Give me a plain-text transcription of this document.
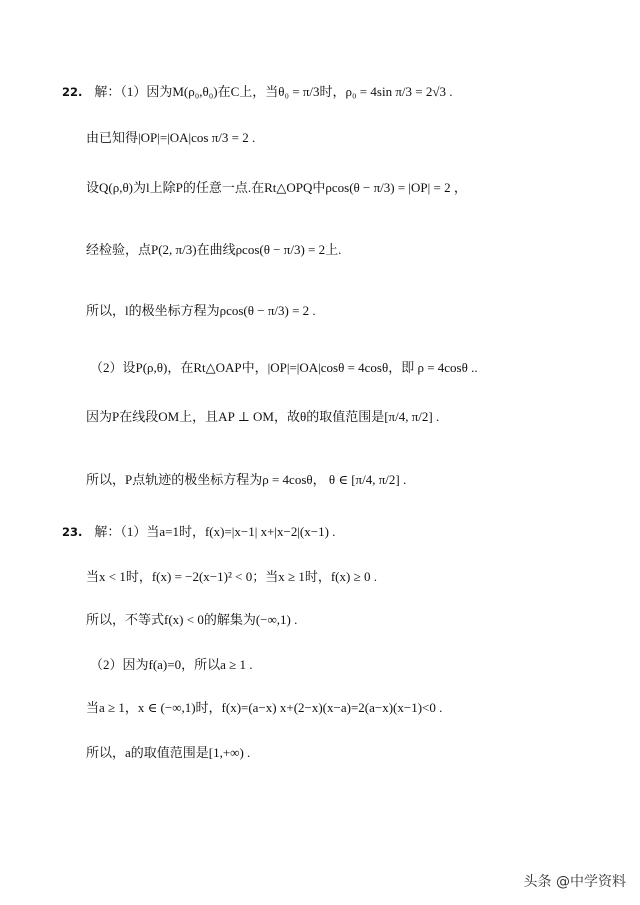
22. 解：（1）因为M(ρ₀,θ₀)在C上，当θ₀ = π/3时，ρ₀ = 4sin π/3 = 2√3 .
由已知得|OP|=|OA|cos π/3 = 2 .
设Q(ρ,θ)为l上除P的任意一点.在Rt△OPQ中ρcos(θ − π/3) = |OP| = 2 ，
经检验，点P(2, π/3)在曲线ρcos(θ − π/3) = 2上.
所以，l的极坐标方程为ρcos(θ − π/3) = 2 .
（2）设P(ρ,θ)，在Rt△OAP中，|OP|=|OA|cosθ = 4cosθ，即 ρ = 4cosθ ..
因为P在线段OM上，且AP ⊥ OM，故θ的取值范围是[π/4, π/2] .
所以，P点轨迹的极坐标方程为ρ = 4cosθ， θ ∈ [π/4, π/2] .
23. 解：（1）当a=1时，f(x)=|x−1| x+|x−2|(x−1) .
当x < 1时，f(x) = −2(x−1)² < 0；当x ≥ 1时，f(x) ≥ 0 .
所以，不等式f(x) < 0的解集为(−∞,1) .
（2）因为f(a)=0，所以a ≥ 1 .
当a ≥ 1，x ∈ (−∞,1)时，f(x)=(a−x) x+(2−x)(x−a)=2(a−x)(x−1)<0 .
所以，a的取值范围是[1,+∞) .
头条 @中学资料
